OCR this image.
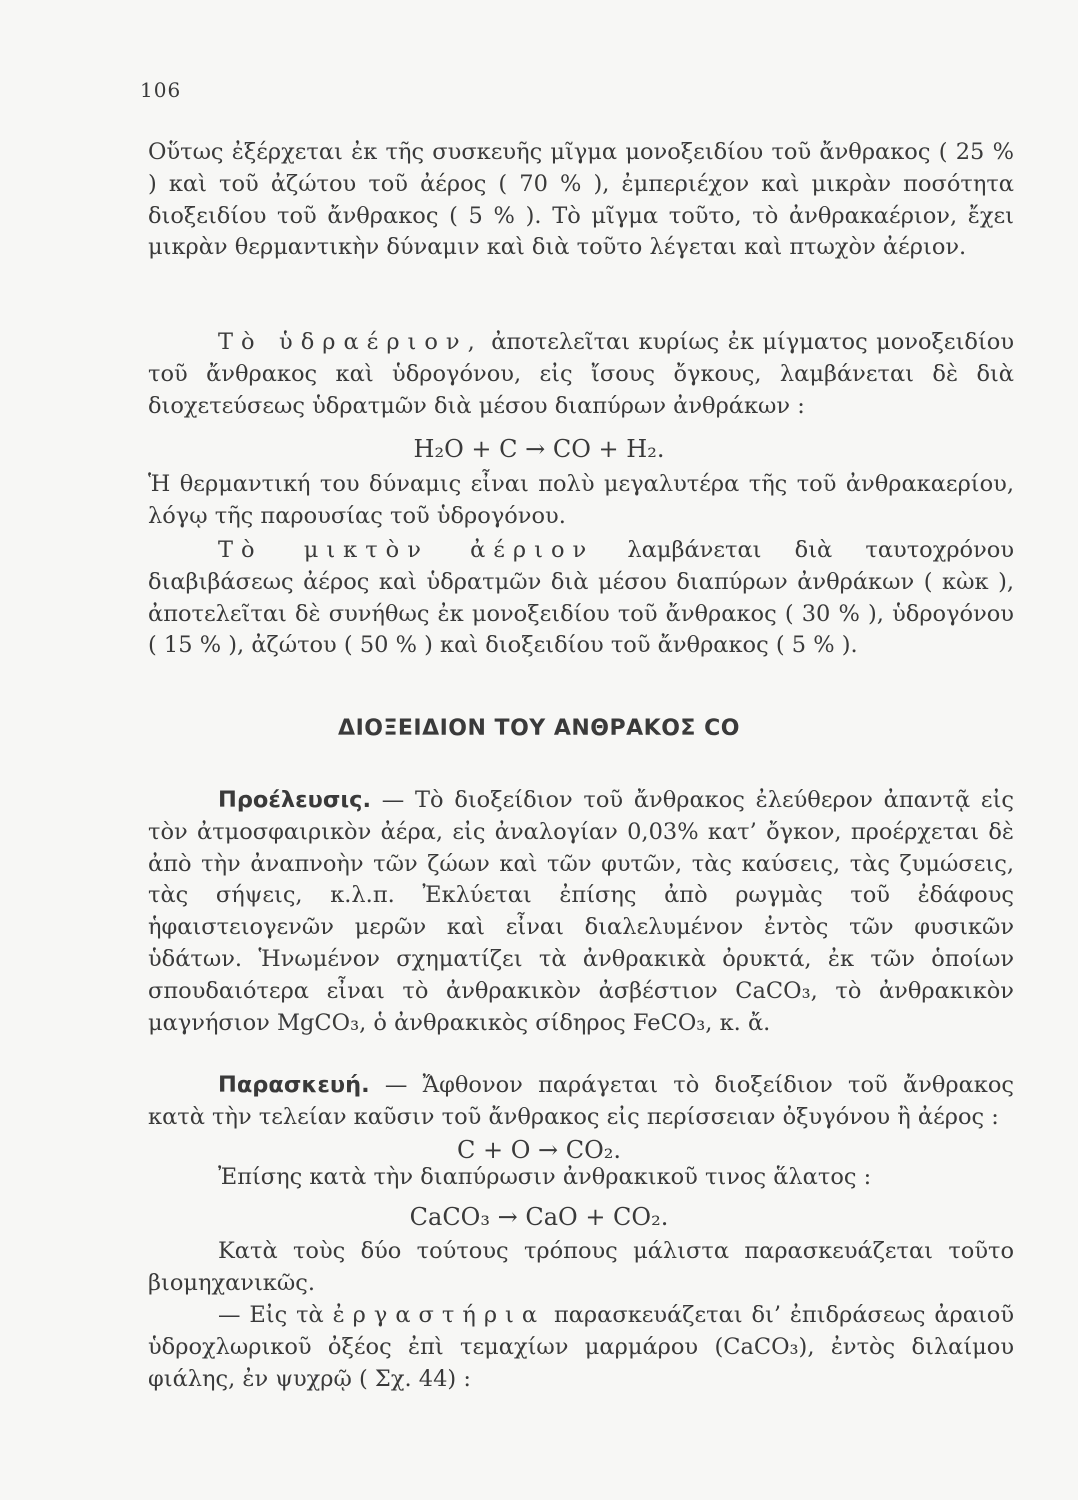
106
Οὕτως ἐξέρχεται ἐκ τῆς συσκευῆς μῖγμα μονοξειδίου τοῦ ἄνθρακος ( 25 % ) καὶ τοῦ ἀζώτου τοῦ ἀέρος ( 70 % ), ἐμπεριέχον καὶ μικρὰν ποσότητα διοξειδίου τοῦ ἄνθρακος ( 5 % ). Τὸ μῖγμα τοῦτο, τὸ ἀνθρακαέριον, ἔχει μικρὰν θερμαντικὴν δύναμιν καὶ διὰ τοῦτο λέγεται καὶ πτωχὸν ἀέριον.
Τὸ ὑδραέριον, ἀποτελεῖται κυρίως ἐκ μίγματος μονοξειδίου τοῦ ἄνθρακος καὶ ὑδρογόνου, εἰς ἴσους ὄγκους, λαμβάνεται δὲ διὰ διοχετεύσεως ὑδρατμῶν διὰ μέσου διαπύρων ἀνθράκων :
H₂O + C → CO + H₂.
Ἡ θερμαντική του δύναμις εἶναι πολὺ μεγαλυτέρα τῆς τοῦ ἀνθρακαερίου, λόγῳ τῆς παρουσίας τοῦ ὑδρογόνου.
Τὸ μικτὸν ἀέριον λαμβάνεται διὰ ταυτοχρόνου διαβιβάσεως ἀέρος καὶ ὑδρατμῶν διὰ μέσου διαπύρων ἀνθράκων ( κὼκ ), ἀποτελεῖται δὲ συνήθως ἐκ μονοξειδίου τοῦ ἄνθρακος ( 30 % ), ὑδρογόνου ( 15 % ), ἀζώτου ( 50 % ) καὶ διοξειδίου τοῦ ἄνθρακος ( 5 % ).
ΔΙΟΞΕΙΔΙΟΝ ΤΟΥ ΑΝΘΡΑΚΟΣ CO
Προέλευσις. — Τὸ διοξείδιον τοῦ ἄνθρακος ἐλεύθερον ἀπαντᾷ εἰς τὸν ἀτμοσφαιρικὸν ἀέρα, εἰς ἀναλογίαν 0,03% κατ’ ὄγκον, προέρχεται δὲ ἀπὸ τὴν ἀναπνοὴν τῶν ζώων καὶ τῶν φυτῶν, τὰς καύσεις, τὰς ζυμώσεις, τὰς σήψεις, κ.λ.π. Ἐκλύεται ἐπίσης ἀπὸ ρωγμὰς τοῦ ἐδάφους ἡφαιστειογενῶν μερῶν καὶ εἶναι διαλελυμένον ἐντὸς τῶν φυσικῶν ὑδάτων. Ἡνωμένον σχηματίζει τὰ ἀνθρακικὰ ὀρυκτά, ἐκ τῶν ὁποίων σπουδαιότερα εἶναι τὸ ἀνθρακικὸν ἀσβέστιον CaCO₃, τὸ ἀνθρακικὸν μαγνήσιον MgCO₃, ὁ ἀνθρακικὸς σίδηρος FeCO₃, κ. ἄ.
Παρασκευή. — Ἄφθονον παράγεται τὸ διοξείδιον τοῦ ἄνθρακος κατὰ τὴν τελείαν καῦσιν τοῦ ἄνθρακος εἰς περίσσειαν ὀξυγόνου ἢ ἀέρος :
C + O → CO₂.
Ἐπίσης κατὰ τὴν διαπύρωσιν ἀνθρακικοῦ τινος ἅλατος :
CaCO₃ → CaO + CO₂.
Κατὰ τοὺς δύο τούτους τρόπους μάλιστα παρασκευάζεται τοῦτο βιομηχανικῶς.
— Εἰς τὰ ἐργαστήρια παρασκευάζεται δι’ ἐπιδράσεως ἀραιοῦ ὑδροχλωρικοῦ ὀξέος ἐπὶ τεμαχίων μαρμάρου (CaCO₃), ἐντὸς διλαίμου φιάλης, ἐν ψυχρῷ ( Σχ. 44) :
